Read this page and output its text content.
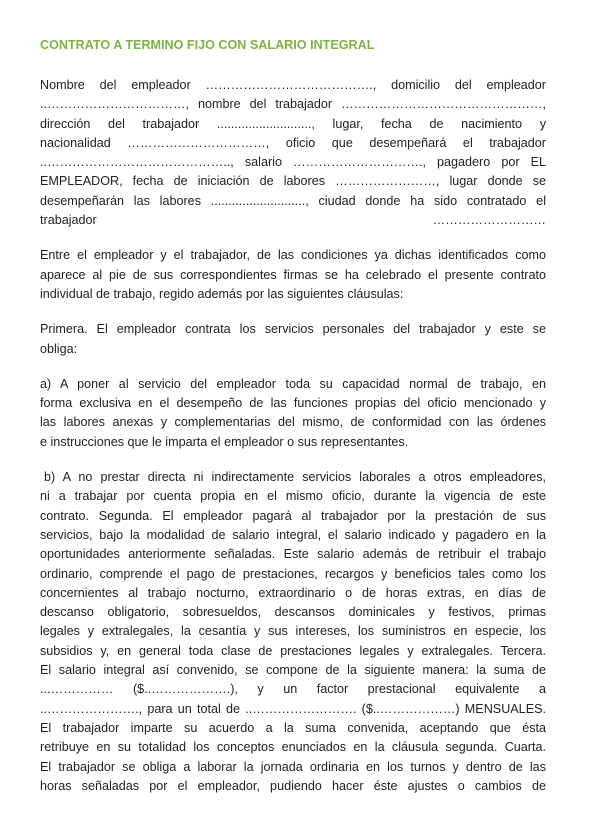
CONTRATO A TERMINO FIJO CON SALARIO INTEGRAL
Nombre del empleador …………………………………., domicilio del empleador
..……………………………, nombre del trabajador …………………………………………,
dirección del trabajador ..........................., lugar, fecha de nacimiento y
nacionalidad ……………………………, oficio que desempeñará el trabajador
..…………………………………….., salario …………………………., pagadero por EL
EMPLEADOR, fecha de iniciación de labores ……………………, lugar donde se
desempeñarán las labores ..........................., ciudad donde ha sido contratado el
trabajador	………………………
Entre el empleador y el trabajador, de las condiciones ya dichas identificados como
aparece al pie de sus correspondientes firmas se ha celebrado el presente contrato
individual de trabajo, regido además por las siguientes cláusulas:
Primera. El empleador contrata los servicios personales del trabajador y este se
obliga:
a) A poner al servicio del empleador toda su capacidad normal de trabajo, en
forma exclusiva en el desempeño de las funciones propias del oficio mencionado y
las labores anexas y complementarias del mismo, de conformidad con las órdenes
e instrucciones que le imparta el empleador o sus representantes.
b) A no prestar directa ni indirectamente servicios laborales a otros empleadores,
ni a trabajar por cuenta propia en el mismo oficio, durante la vigencia de este
contrato. Segunda. El empleador pagará al trabajador por la prestación de sus
servicios, bajo la modalidad de salario integral, el salario indicado y pagadero en la
oportunidades anteriormente señaladas. Este salario además de retribuir el trabajo
ordinario, comprende el pago de prestaciones, recargos y beneficios tales como los
concernientes al trabajo nocturno, extraordinario o de horas extras, en días de
descanso obligatorio, sobresueldos, descansos dominicales y festivos, primas
legales y extralegales, la cesantía y sus intereses, los suministros en especie, los
subsidios y, en general toda clase de prestaciones legales y extralegales. Tercera.
El salario integral así convenido, se compone de la siguiente manera: la suma de
...…………… ($..……………….), y un factor prestacional equivalente a
..…………………., para un total de ..……………………. ($..………………) MENSUALES.
El trabajador imparte su acuerdo a la suma convenida, aceptando que ésta
retribuye en su totalidad los conceptos enunciados en la cláusula segunda. Cuarta.
El trabajador se obliga a laborar la jornada ordinaria en los turnos y dentro de las
horas señaladas por el empleador, pudiendo hacer éste ajustes o cambios de
